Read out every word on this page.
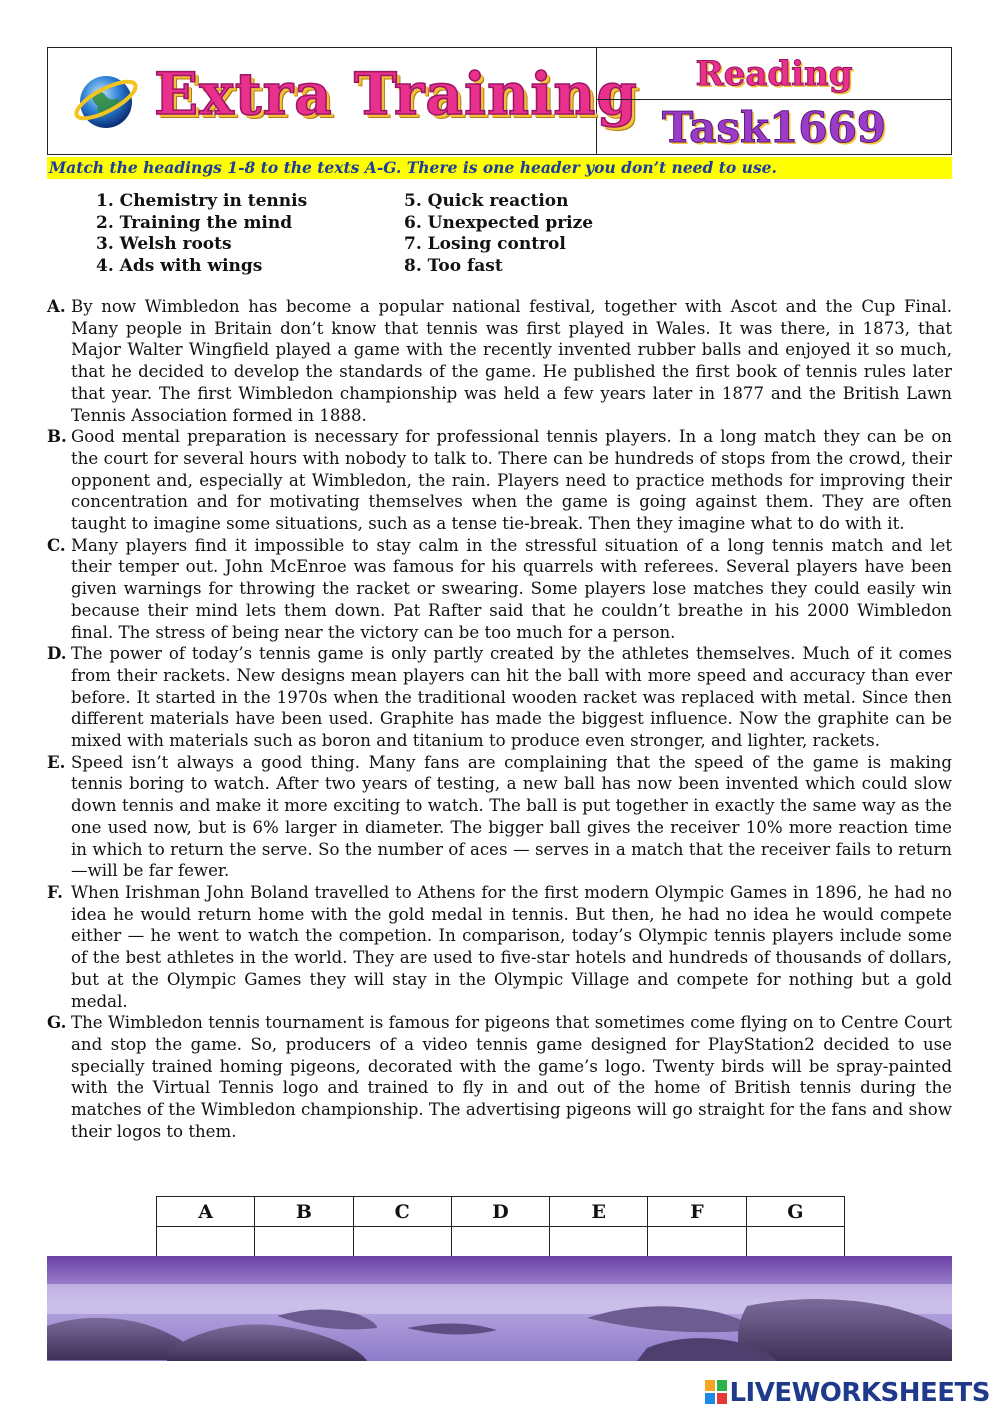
Extra Training	Reading
Task1669
Match the headings 1-8 to the texts A-G. There is one header you don’t need to use.
1. Chemistry in tennis
2. Training the mind
3. Welsh roots
4. Ads with wings
5. Quick reaction
6. Unexpected prize
7. Losing control
8. Too fast
A. By now Wimbledon has become a popular national festival, together with Ascot and the Cup Final. Many people in Britain don’t know that tennis was first played in Wales. It was there, in 1873, that Major Walter Wingfield played a game with the recently invented rubber balls and enjoyed it so much, that he decided to develop the standards of the game. He published the first book of tennis rules later that year. The first Wimbledon championship was held a few years later in 1877 and the British Lawn Tennis Association formed in 1888.
B. Good mental preparation is necessary for professional tennis players. In a long match they can be on the court for several hours with nobody to talk to. There can be hundreds of stops from the crowd, their opponent and, especially at Wimbledon, the rain. Players need to practice methods for improving their concentration and for motivating themselves when the game is going against them. They are often taught to imagine some situations, such as a tense tie-break. Then they imagine what to do with it.
C. Many players find it impossible to stay calm in the stressful situation of a long tennis match and let their temper out. John McEnroe was famous for his quarrels with referees. Several players have been given warnings for throwing the racket or swearing. Some players lose matches they could easily win because their mind lets them down. Pat Rafter said that he couldn’t breathe in his 2000 Wimbledon final. The stress of being near the victory can be too much for a person.
D. The power of today’s tennis game is only partly created by the athletes themselves. Much of it comes from their rackets. New designs mean players can hit the ball with more speed and accuracy than ever before. It started in the 1970s when the traditional wooden racket was replaced with metal. Since then different materials have been used. Graphite has made the biggest influence. Now the graphite can be mixed with materials such as boron and titanium to produce even stronger, and lighter, rackets.
E. Speed isn’t always a good thing. Many fans are complaining that the speed of the game is making tennis boring to watch. After two years of testing, a new ball has now been invented which could slow down tennis and make it more exciting to watch. The ball is put together in exactly the same way as the one used now, but is 6% larger in diameter. The bigger ball gives the receiver 10% more reaction time in which to return the serve. So the number of aces — serves in a match that the receiver fails to return —will be far fewer.
F. When Irishman John Boland travelled to Athens for the first modern Olympic Games in 1896, he had no idea he would return home with the gold medal in tennis. But then, he had no idea he would compete either — he went to watch the competion. In comparison, today’s Olympic tennis players include some of the best athletes in the world. They are used to five-star hotels and hundreds of thousands of dollars, but at the Olympic Games they will stay in the Olympic Village and compete for nothing but a gold medal.
G. The Wimbledon tennis tournament is famous for pigeons that sometimes come flying on to Centre Court and stop the game. So, producers of a video tennis game designed for PlayStation2 decided to use specially trained homing pigeons, decorated with the game’s logo. Twenty birds will be spray-painted with the Virtual Tennis logo and trained to fly in and out of the home of British tennis during the matches of the Wimbledon championship. The advertising pigeons will go straight for the fans and show their logos to them.
A	B	C	D	E	F	G

LIVEWORKSHEETS
